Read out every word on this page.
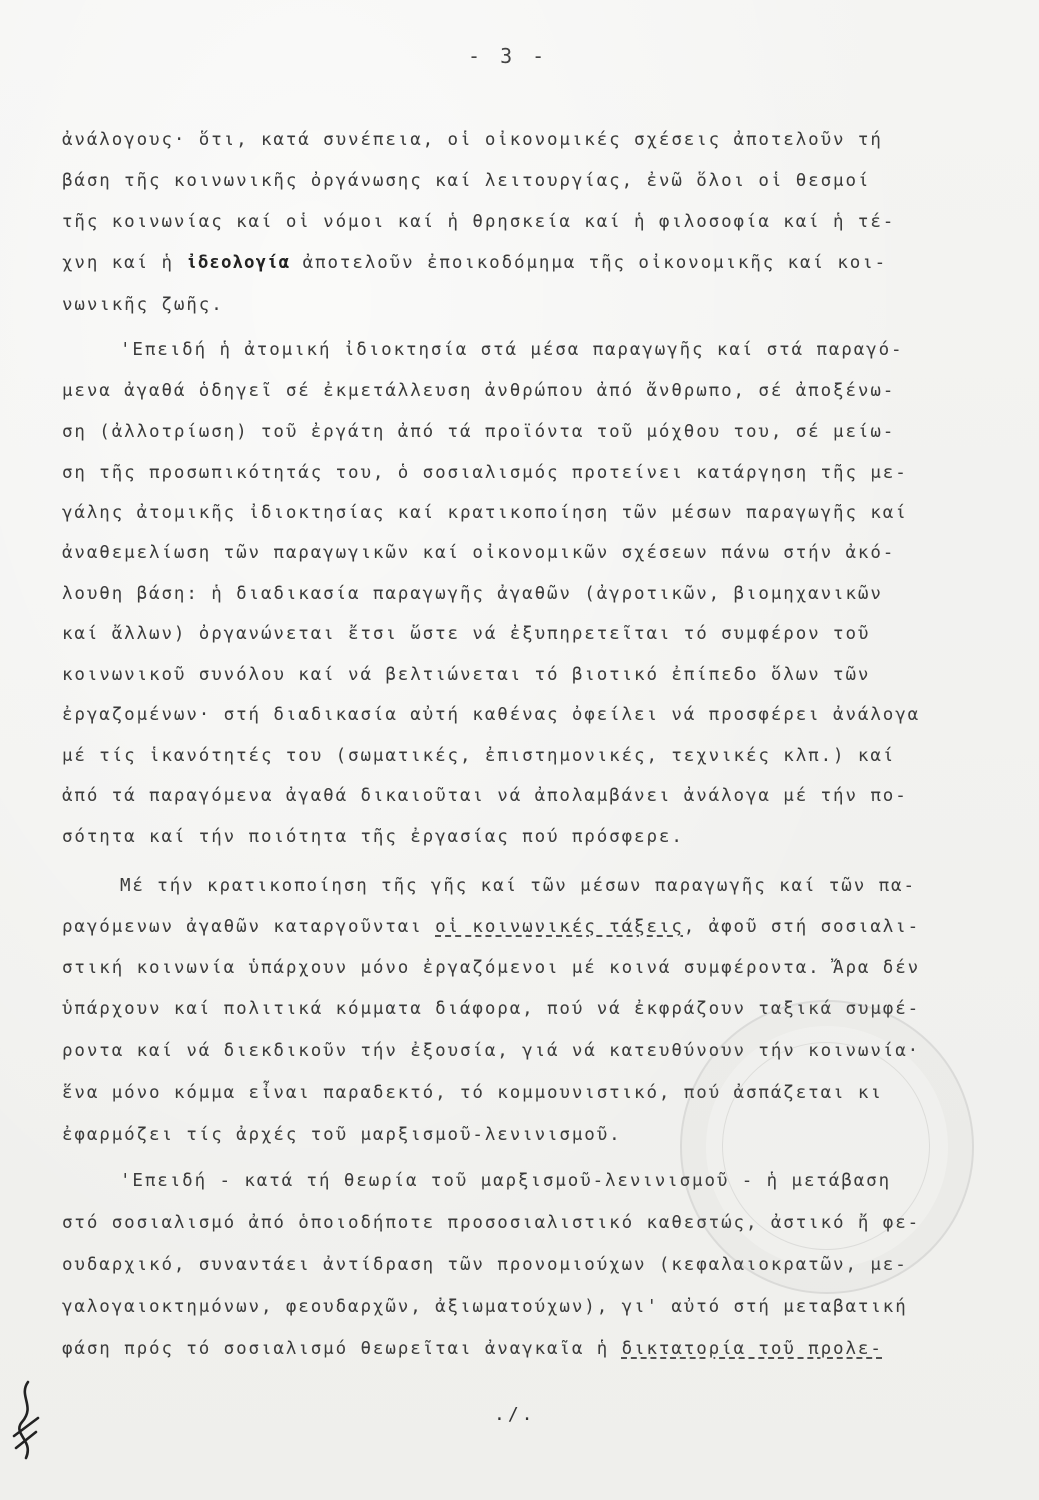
- 3 -
ἀνάλογους· ὅτι, κατά συνέπεια, οἱ οἰκονομικές σχέσεις ἀποτελοῦν τή
βάση τῆς κοινωνικῆς ὀργάνωσης καί λειτουργίας, ἐνῶ ὅλοι οἱ θεσμοί
τῆς κοινωνίας καί οἱ νόμοι καί ἡ θρησκεία καί ἡ φιλοσοφία καί ἡ τέ-
χνη καί ἡ ἰδεολογία ἀποτελοῦν ἐποικοδόμημα τῆς οἰκονομικῆς καί κοι-
νωνικῆς ζωῆς.
'Επειδή ἡ ἀτομική ἰδιοκτησία στά μέσα παραγωγῆς καί στά παραγό-
μενα ἀγαθά ὁδηγεῖ σέ ἐκμετάλλευση ἀνθρώπου ἀπό ἄνθρωπο, σέ ἀποξένω-
ση (ἀλλοτρίωση) τοῦ ἐργάτη ἀπό τά προϊόντα τοῦ μόχθου του, σέ μείω-
ση τῆς προσωπικότητάς του, ὁ σοσιαλισμός προτείνει κατάργηση τῆς με-
γάλης ἀτομικῆς ἰδιοκτησίας καί κρατικοποίηση τῶν μέσων παραγωγῆς καί
ἀναθεμελίωση τῶν παραγωγικῶν καί οἰκονομικῶν σχέσεων πάνω στήν ἀκό-
λουθη βάση: ἡ διαδικασία παραγωγῆς ἀγαθῶν (ἀγροτικῶν, βιομηχανικῶν
καί ἄλλων) ὀργανώνεται ἔτσι ὥστε νά ἐξυπηρετεῖται τό συμφέρον τοῦ
κοινωνικοῦ συνόλου καί νά βελτιώνεται τό βιοτικό ἐπίπεδο ὅλων τῶν
ἐργαζομένων· στή διαδικασία αὐτή καθένας ὀφείλει νά προσφέρει ἀνάλογα
μέ τίς ἱκανότητές του (σωματικές, ἐπιστημονικές, τεχνικές κλπ.) καί
ἀπό τά παραγόμενα ἀγαθά δικαιοῦται νά ἀπολαμβάνει ἀνάλογα μέ τήν πο-
σότητα καί τήν ποιότητα τῆς ἐργασίας πού πρόσφερε.
Μέ τήν κρατικοποίηση τῆς γῆς καί τῶν μέσων παραγωγῆς καί τῶν πα-
ραγόμενων ἀγαθῶν καταργοῦνται οἱ κοινωνικές τάξεις, ἀφοῦ στή σοσιαλι-
στική κοινωνία ὑπάρχουν μόνο ἐργαζόμενοι μέ κοινά συμφέροντα. Ἄρα δέν
ὑπάρχουν καί πολιτικά κόμματα διάφορα, πού νά ἐκφράζουν ταξικά συμφέ-
ροντα καί νά διεκδικοῦν τήν ἐξουσία, γιά νά κατευθύνουν τήν κοινωνία·
ἕνα μόνο κόμμα εἶναι παραδεκτό, τό κομμουνιστικό, πού ἀσπάζεται κι
ἐφαρμόζει τίς ἀρχές τοῦ μαρξισμοῦ-λενινισμοῦ.
'Επειδή - κατά τή θεωρία τοῦ μαρξισμοῦ-λενινισμοῦ - ἡ μετάβαση
στό σοσιαλισμό ἀπό ὁποιοδήποτε προσοσιαλιστικό καθεστώς, ἀστικό ἤ φε-
ουδαρχικό, συναντάει ἀντίδραση τῶν προνομιούχων (κεφαλαιοκρατῶν, με-
γαλογαιοκτημόνων, φεουδαρχῶν, ἀξιωματούχων), γι' αὐτό στή μεταβατική
φάση πρός τό σοσιαλισμό θεωρεῖται ἀναγκαῖα ἡ δικτατορία τοῦ προλε-
./.
